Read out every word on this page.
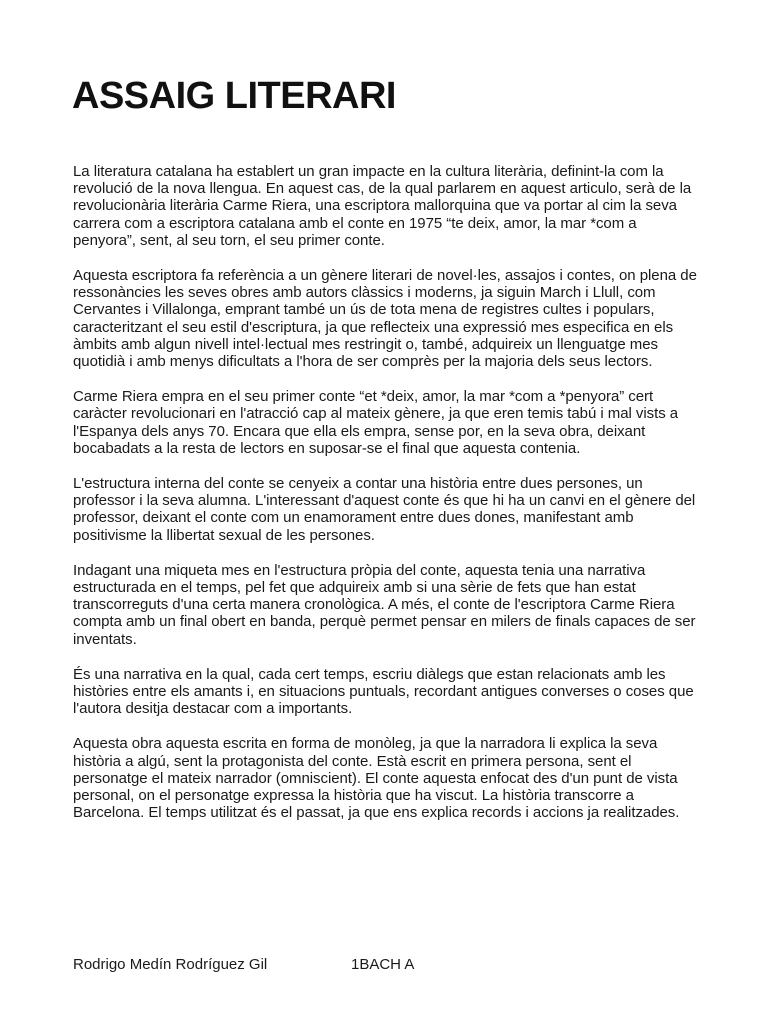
ASSAIG LITERARI

La literatura catalana ha establert un gran impacte en la cultura literària, definint-la com la revolució de la nova llengua. En aquest cas, de la qual parlarem en aquest articulo, serà de la revolucionària literària Carme Riera, una escriptora mallorquina que va portar al cim la seva carrera com a escriptora catalana amb el conte en 1975 “te deix, amor, la mar *com a penyora”, sent, al seu torn, el seu primer conte.

Aquesta escriptora fa referència a un gènere literari de novel·les, assajos i contes, on plena de ressonàncies les seves obres amb autors clàssics i moderns, ja siguin March i Llull, com Cervantes i Villalonga, emprant també un ús de tota mena de registres cultes i populars, caracteritzant el seu estil d'escriptura, ja que reflecteix una expressió mes especifica en els àmbits amb algun nivell intel·lectual mes restringit o, també, adquireix un llenguatge mes quotidià i amb menys dificultats a l'hora de ser comprès per la majoria dels seus lectors.

Carme Riera empra en el seu primer conte “et *deix, amor, la mar *com a *penyora” cert caràcter revolucionari en l'atracció cap al mateix gènere, ja que eren temis tabú i mal vists a l'Espanya dels anys 70. Encara que ella els empra, sense por, en la seva obra, deixant bocabadats a la resta de lectors en suposar-se el final que aquesta contenia.

L'estructura interna del conte se cenyeix a contar una història entre dues persones, un professor i la seva alumna. L'interessant d'aquest conte és que hi ha un canvi en el gènere del professor, deixant el conte com un enamorament entre dues dones, manifestant amb positivisme la llibertat sexual de les persones.

Indagant una miqueta mes en l'estructura pròpia del conte, aquesta tenia una narrativa estructurada en el temps, pel fet que adquireix amb si una sèrie de fets que han estat transcorreguts d'una certa manera cronològica. A més, el conte de l'escriptora Carme Riera compta amb un final obert en banda, perquè permet pensar en milers de finals capaces de ser inventats.

És una narrativa en la qual, cada cert temps, escriu diàlegs que estan relacionats amb les històries entre els amants i, en situacions puntuals, recordant antigues converses o coses que l'autora desitja destacar com a importants.

Aquesta obra aquesta escrita en forma de monòleg, ja que la narradora li explica la seva història a algú, sent la protagonista del conte. Està escrit en primera persona, sent el personatge el mateix narrador (omniscient). El conte aquesta enfocat des d'un punt de vista personal, on el personatge expressa la història que ha viscut. La història transcorre a Barcelona. El temps utilitzat és el passat, ja que ens explica records i accions ja realitzades.

Rodrigo Medín Rodríguez Gil	1BACH A
